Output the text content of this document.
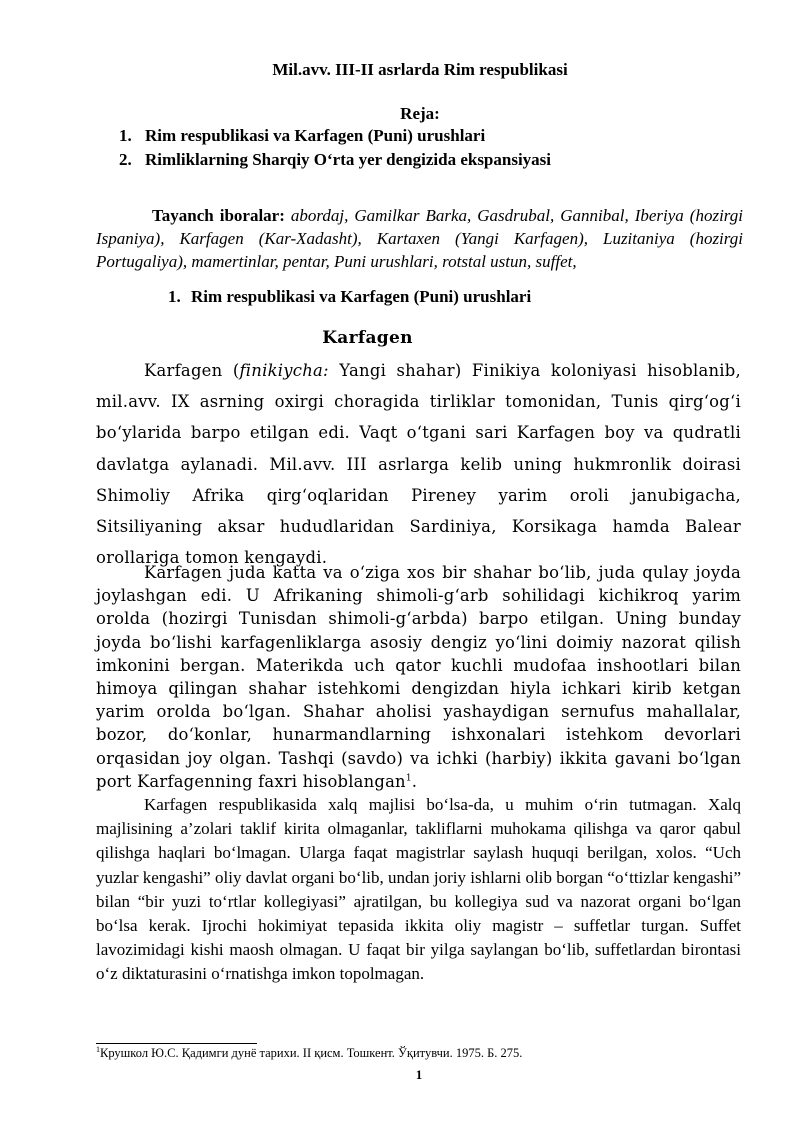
Mil.avv. III-II asrlarda Rim respublikasi
Reja:
1. Rim respublikasi va Karfagen (Puni) urushlari
2. Rimliklarning Sharqiy O‘rta yer dengizida ekspansiyasi
Tayanch iboralar: abordaj, Gamilkar Barka, Gasdrubal, Gannibal, Iberiya (hozirgi Ispaniya), Karfagen (Kar-Xadasht), Kartaxen (Yangi Karfagen), Luzitaniya (hozirgi Portugaliya), mamertinlar, pentar, Puni urushlari, rotstal ustun, suffet,
1. Rim respublikasi va Karfagen (Puni) urushlari
Karfagen
Karfagen (finikiycha: Yangi shahar) Finikiya koloniyasi hisoblanib, mil.avv. IX asrning oxirgi choragida tirliklar tomonidan, Tunis qirg‘og‘i bo‘ylarida barpo etilgan edi. Vaqt o‘tgani sari Karfagen boy va qudratli davlatga aylanadi. Mil.avv. III asrlarga kelib uning hukmronlik doirasi Shimoliy Afrika qirg‘oqlaridan Pireney yarim oroli janubigacha, Sitsiliyaning aksar hududlaridan Sardiniya, Korsikaga hamda Balear orollariga tomon kengaydi.
Karfagen juda katta va o‘ziga xos bir shahar bo‘lib, juda qulay joyda joylashgan edi. U Afrikaning shimoli-g‘arb sohilidagi kichikroq yarim orolda (hozirgi Tunisdan shimoli-g‘arbda) barpo etilgan. Uning bunday joyda bo‘lishi karfagenliklarga asosiy dengiz yo‘lini doimiy nazorat qilish imkonini bergan. Materikda uch qator kuchli mudofaa inshootlari bilan himoya qilingan shahar istehkomi dengizdan hiyla ichkari kirib ketgan yarim orolda bo‘lgan. Shahar aholisi yashaydigan sernufus mahallalar, bozor, do‘konlar, hunarmandlarning ishxonalari istehkom devorlari orqasidan joy olgan. Tashqi (savdo) va ichki (harbiy) ikkita gavani bo‘lgan port Karfagenning faxri hisoblangan$^1$.
Karfagen respublikasida xalq majlisi bo‘lsa-da, u muhim o‘rin tutmagan. Xalq majlisining a’zolari taklif kirita olmaganlar, takliflarni muhokama qilishga va qaror qabul qilishga haqlari bo‘lmagan. Ularga faqat magistrlar saylash huquqi berilgan, xolos. “Uch yuzlar kengashi” oliy davlat organi bo‘lib, undan joriy ishlarni olib borgan “o‘ttizlar kengashi” bilan “bir yuzi to‘rtlar kollegiyasi” ajratilgan, bu kollegiya sud va nazorat organi bo‘lgan bo‘lsa kerak. Ijrochi hokimiyat tepasida ikkita oliy magistr – suffetlar turgan. Suffet lavozimidagi kishi maosh olmagan. U faqat bir yilga saylangan bo‘lib, suffetlardan birontasi o‘z diktaturasini o‘rnatishga imkon topolmagan.
$^1$Крушкол Ю.С. Қадимги дунё тарихи. II қисм. Тошкент. Ўқитувчи. 1975. Б. 275.
1
